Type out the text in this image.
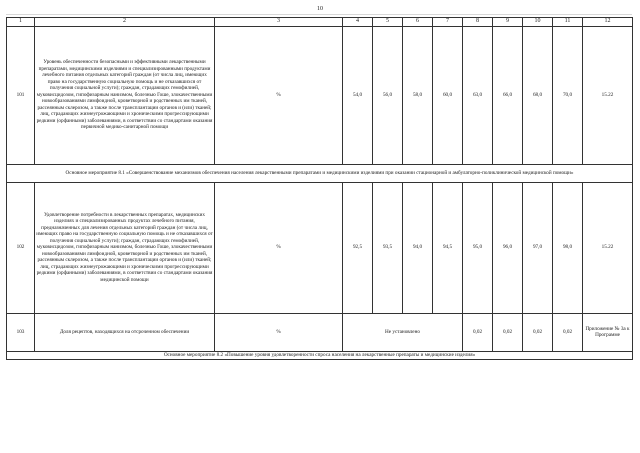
10
1	2	3	4	5	6	7	8	9	10	11	12
101	Уровень обеспеченности безопасными и эффективными лекарственными препаратами, медицинскими изделиями и специализированными продуктами лечебного питания отдельных категорий граждан (от числа лиц, имеющих право на государственную социальную помощь и не отказавшихся от получения социальной услуги); граждан, страдающих гемофилией, муковисцидозом, гипофизарным нанизмом, болезнью Гоше, злокачественными новообразованиями лимфоидной, кроветворной и родственных им тканей, рассеянным склерозом, а также после трансплантации органов и (или) тканей; лиц, страдающих жизнеугрожающими и хроническими прогрессирующими редкими (орфанными) заболеваниями, в соответствии со стандартами оказания первичной медико-санитарной помощи	%	54,0	56,0	58,0	60,0	63,0	66,0	68,0	70,0	15.22
Основное мероприятие 8.1 «Совершенствование механизмов обеспечения населения лекарственными препаратами и медицинскими изделиями при оказании стационарной и амбулаторно-поликлинической медицинской помощи»											
102	Удовлетворение потребности в лекарственных препаратах, медицинских изделиях и специализированных продуктах лечебного питания, предназначенных для лечения отдельных категорий граждан (от числа лиц, имеющих право на государственную социальную помощь и не отказавшихся от получения социальной услуги); граждан, страдающих гемофилией, муковисцидозом, гипофизарным нанизмом, болезнью Гоше, злокачественными новообразованиями лимфоидной, кроветворной и родственных им тканей, рассеянным склерозом, а также после трансплантации органов и (или) тканей; лиц, страдающих жизнеугрожающими и хроническими прогрессирующими редкими (орфанными) заболеваниями, в соответствии со стандартами оказания медицинской помощи	%	92,5	93,5	94,0	94,5	95,0	96,0	97,0	98,0	15.22
103	Доля рецептов, находящихся на отсроченном обеспечении	%	Не установлено				0,02	0,02	0,02	0,02	Приложение № 3а к Программе
Основное мероприятие 8.2 «Повышение уровня удовлетворенности спроса населения на лекарственные препараты и медицинские изделия»											
